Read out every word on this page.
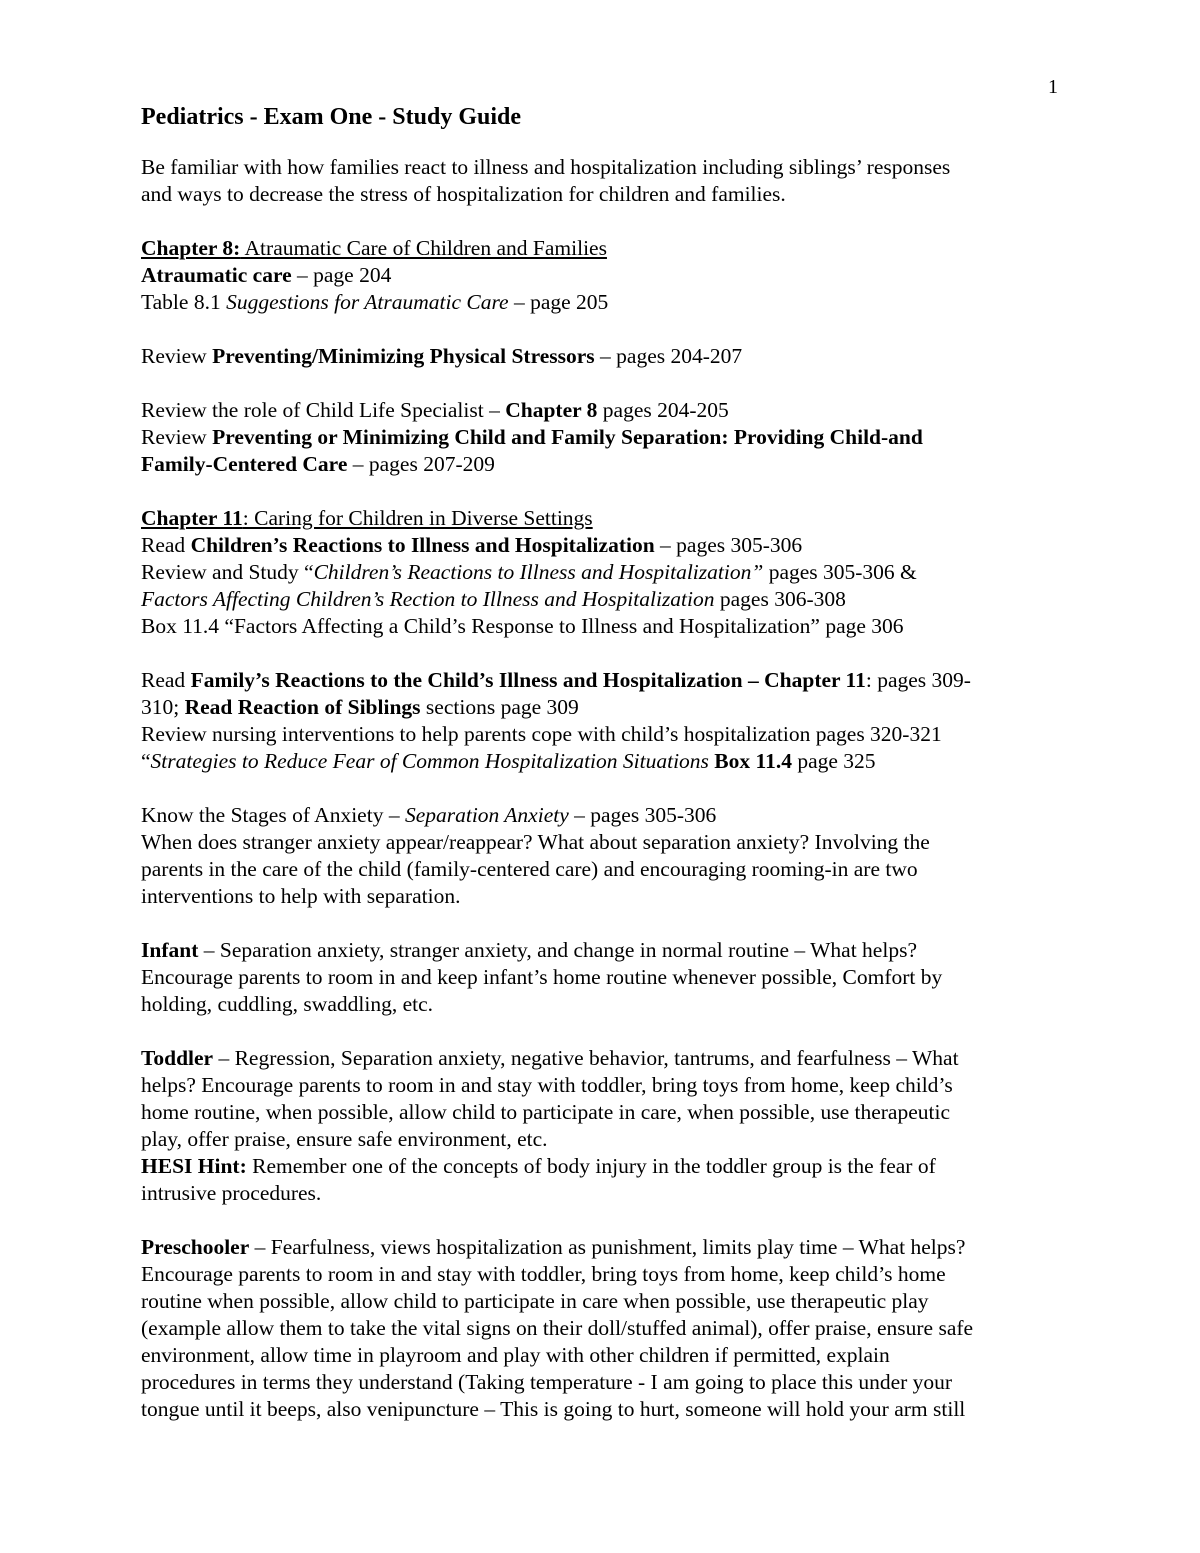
1

Pediatrics - Exam One - Study Guide

Be familiar with how families react to illness and hospitalization including siblings’ responses

and ways to decrease the stress of hospitalization for children and families.

Chapter 8: Atraumatic Care of Children and Families

Atraumatic care – page 204

Table 8.1 Suggestions for Atraumatic Care – page 205

Review Preventing/Minimizing Physical Stressors – pages 204-207

Review the role of Child Life Specialist – Chapter 8 pages 204-205

Review Preventing or Minimizing Child and Family Separation: Providing Child-and

Family-Centered Care – pages 207-209

Chapter 11: Caring for Children in Diverse Settings

Read Children’s Reactions to Illness and Hospitalization – pages 305-306

Review and Study “Children’s Reactions to Illness and Hospitalization” pages 305-306 &

Factors Affecting Children’s Rection to Illness and Hospitalization pages 306-308

Box 11.4 “Factors Affecting a Child’s Response to Illness and Hospitalization” page 306

Read Family’s Reactions to the Child’s Illness and Hospitalization – Chapter 11: pages 309-

310; Read Reaction of Siblings sections page 309

Review nursing interventions to help parents cope with child’s hospitalization pages 320-321

“Strategies to Reduce Fear of Common Hospitalization Situations Box 11.4 page 325

Know the Stages of Anxiety – Separation Anxiety – pages 305-306

When does stranger anxiety appear/reappear? What about separation anxiety? Involving the

parents in the care of the child (family-centered care) and encouraging rooming-in are two

interventions to help with separation.

Infant – Separation anxiety, stranger anxiety, and change in normal routine – What helps?

Encourage parents to room in and keep infant’s home routine whenever possible, Comfort by

holding, cuddling, swaddling, etc.

Toddler – Regression, Separation anxiety, negative behavior, tantrums, and fearfulness – What

helps? Encourage parents to room in and stay with toddler, bring toys from home, keep child’s

home routine, when possible, allow child to participate in care, when possible, use therapeutic

play, offer praise, ensure safe environment, etc.

HESI Hint: Remember one of the concepts of body injury in the toddler group is the fear of

intrusive procedures.

Preschooler – Fearfulness, views hospitalization as punishment, limits play time – What helps?

Encourage parents to room in and stay with toddler, bring toys from home, keep child’s home

routine when possible, allow child to participate in care when possible, use therapeutic play

(example allow them to take the vital signs on their doll/stuffed animal), offer praise, ensure safe

environment, allow time in playroom and play with other children if permitted, explain

procedures in terms they understand (Taking temperature - I am going to place this under your

tongue until it beeps, also venipuncture – This is going to hurt, someone will hold your arm still
